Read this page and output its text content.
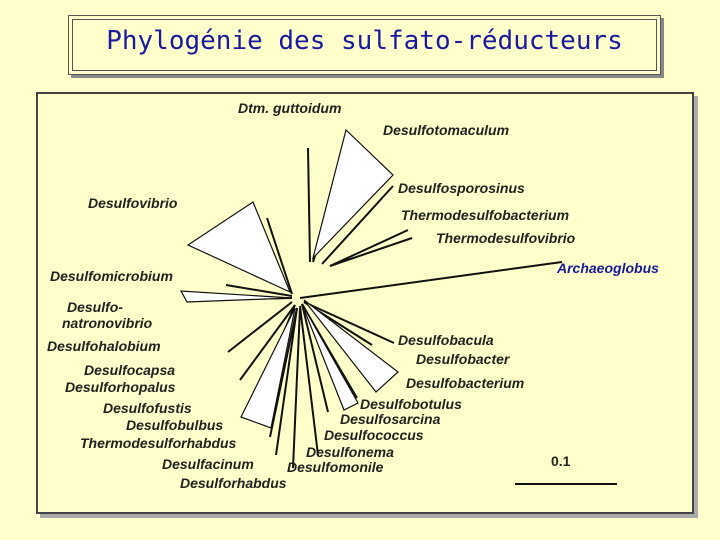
Phylogénie des sulfato-réducteurs
Dtm. guttoidum
Desulfotomaculum
Desulfosporosinus
Thermodesulfobacterium
Thermodesulfovibrio
Archaeoglobus
Desulfovibrio
Desulfomicrobium
Desulfo-
natronovibrio
Desulfohalobium
Desulfocapsa
Desulforhopalus
Desulfofustis
Desulfobulbus
Thermodesulforhabdus
Desulfacinum
Desulforhabdus
Desulfomonile
Desulfonema
Desulfococcus
Desulfosarcina
Desulfobotulus
Desulfobacterium
Desulfobacter
Desulfobacula
0.1
